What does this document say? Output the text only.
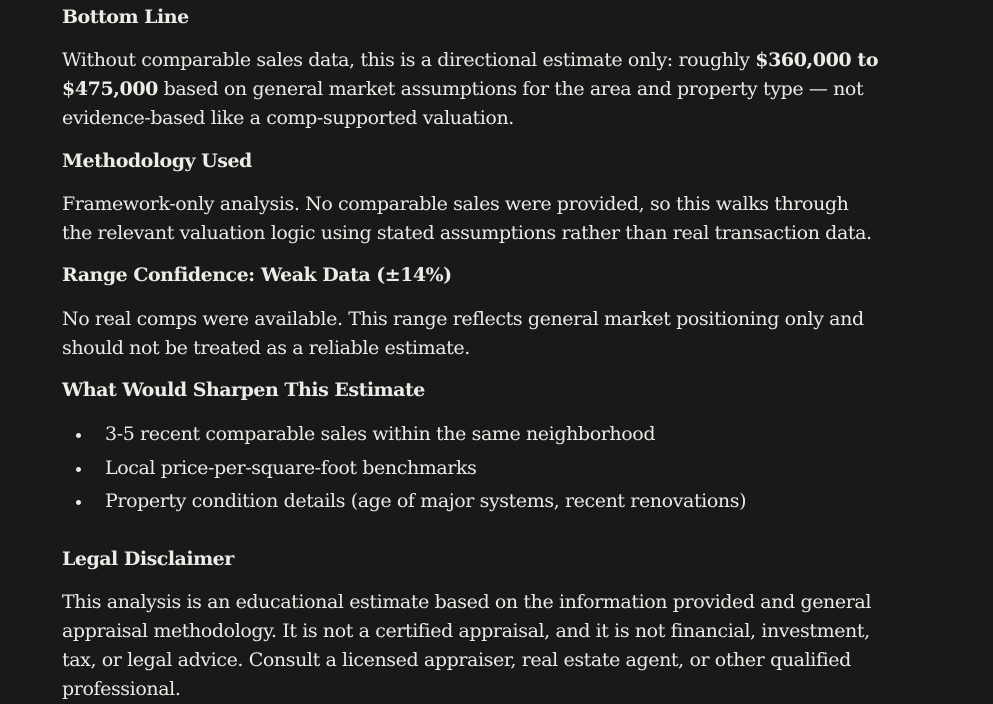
Bottom Line

Without comparable sales data, this is a directional estimate only: roughly $360,000 to $475,000 based on general market assumptions for the area and property type — not evidence-based like a comp-supported valuation.

Methodology Used

Framework-only analysis. No comparable sales were provided, so this walks through the relevant valuation logic using stated assumptions rather than real transaction data.

Range Confidence: Weak Data (±14%)

No real comps were available. This range reflects general market positioning only and should not be treated as a reliable estimate.

What Would Sharpen This Estimate
3-5 recent comparable sales within the same neighborhood
Local price-per-square-foot benchmarks
Property condition details (age of major systems, recent renovations)
Legal Disclaimer

This analysis is an educational estimate based on the information provided and general appraisal methodology. It is not a certified appraisal, and it is not financial, investment, tax, or legal advice. Consult a licensed appraiser, real estate agent, or other qualified professional.
